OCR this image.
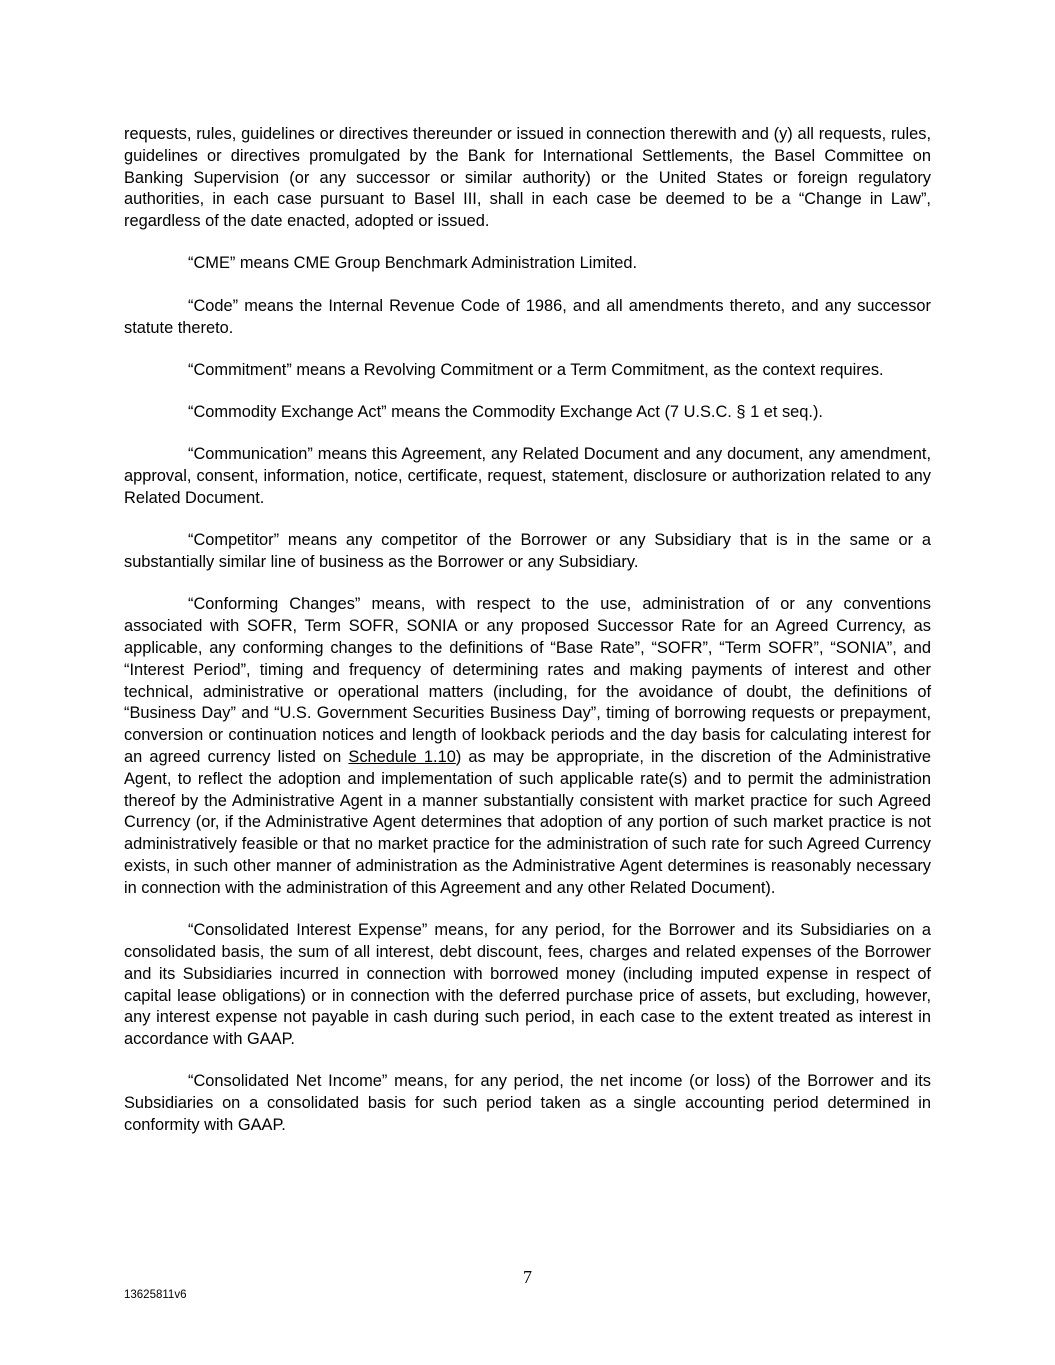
requests, rules, guidelines or directives thereunder or issued in connection therewith and (y) all requests, rules, guidelines or directives promulgated by the Bank for International Settlements, the Basel Committee on Banking Supervision (or any successor or similar authority) or the United States or foreign regulatory authorities, in each case pursuant to Basel III, shall in each case be deemed to be a “Change in Law”, regardless of the date enacted, adopted or issued.

“CME” means CME Group Benchmark Administration Limited.

“Code” means the Internal Revenue Code of 1986, and all amendments thereto, and any successor statute thereto.

“Commitment” means a Revolving Commitment or a Term Commitment, as the context requires.

“Commodity Exchange Act” means the Commodity Exchange Act (7 U.S.C. § 1 et seq.).

“Communication” means this Agreement, any Related Document and any document, any amendment, approval, consent, information, notice, certificate, request, statement, disclosure or authorization related to any Related Document.

“Competitor” means any competitor of the Borrower or any Subsidiary that is in the same or a substantially similar line of business as the Borrower or any Subsidiary.

“Conforming Changes” means, with respect to the use, administration of or any conventions associated with SOFR, Term SOFR, SONIA or any proposed Successor Rate for an Agreed Currency, as applicable, any conforming changes to the definitions of “Base Rate”, “SOFR”, “Term SOFR”, “SONIA”, and “Interest Period”, timing and frequency of determining rates and making payments of interest and other technical, administrative or operational matters (including, for the avoidance of doubt, the definitions of “Business Day” and “U.S. Government Securities Business Day”, timing of borrowing requests or prepayment, conversion or continuation notices and length of lookback periods and the day basis for calculating interest for an agreed currency listed on Schedule 1.10) as may be appropriate, in the discretion of the Administrative Agent, to reflect the adoption and implementation of such applicable rate(s) and to permit the administration thereof by the Administrative Agent in a manner substantially consistent with market practice for such Agreed Currency (or, if the Administrative Agent determines that adoption of any portion of such market practice is not administratively feasible or that no market practice for the administration of such rate for such Agreed Currency exists, in such other manner of administration as the Administrative Agent determines is reasonably necessary in connection with the administration of this Agreement and any other Related Document).

“Consolidated Interest Expense” means, for any period, for the Borrower and its Subsidiaries on a consolidated basis, the sum of all interest, debt discount, fees, charges and related expenses of the Borrower and its Subsidiaries incurred in connection with borrowed money (including imputed expense in respect of capital lease obligations) or in connection with the deferred purchase price of assets, but excluding, however, any interest expense not payable in cash during such period, in each case to the extent treated as interest in accordance with GAAP.

“Consolidated Net Income” means, for any period, the net income (or loss) of the Borrower and its Subsidiaries on a consolidated basis for such period taken as a single accounting period determined in conformity with GAAP.

7
13625811v6
